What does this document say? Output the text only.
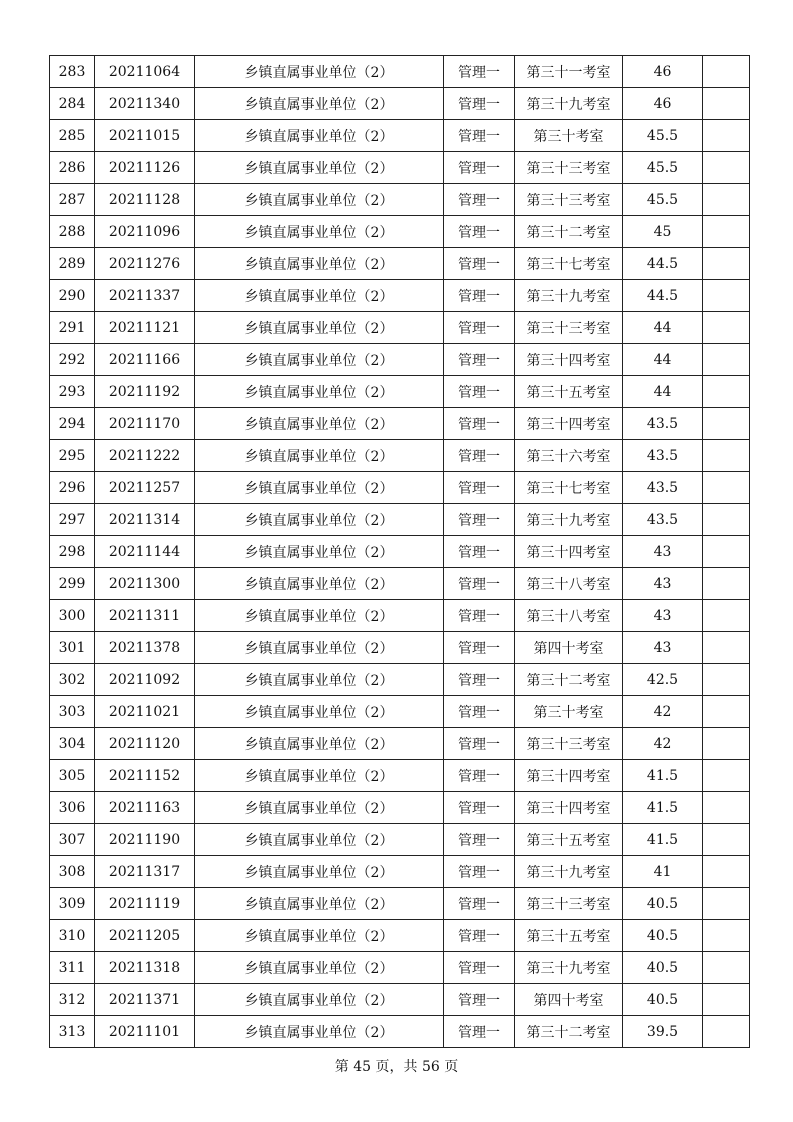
283	20211064	乡镇直属事业单位（2）	管理一	第三十一考室	46	
284	20211340	乡镇直属事业单位（2）	管理一	第三十九考室	46	
285	20211015	乡镇直属事业单位（2）	管理一	第三十考室	45.5	
286	20211126	乡镇直属事业单位（2）	管理一	第三十三考室	45.5	
287	20211128	乡镇直属事业单位（2）	管理一	第三十三考室	45.5	
288	20211096	乡镇直属事业单位（2）	管理一	第三十二考室	45	
289	20211276	乡镇直属事业单位（2）	管理一	第三十七考室	44.5	
290	20211337	乡镇直属事业单位（2）	管理一	第三十九考室	44.5	
291	20211121	乡镇直属事业单位（2）	管理一	第三十三考室	44	
292	20211166	乡镇直属事业单位（2）	管理一	第三十四考室	44	
293	20211192	乡镇直属事业单位（2）	管理一	第三十五考室	44	
294	20211170	乡镇直属事业单位（2）	管理一	第三十四考室	43.5	
295	20211222	乡镇直属事业单位（2）	管理一	第三十六考室	43.5	
296	20211257	乡镇直属事业单位（2）	管理一	第三十七考室	43.5	
297	20211314	乡镇直属事业单位（2）	管理一	第三十九考室	43.5	
298	20211144	乡镇直属事业单位（2）	管理一	第三十四考室	43	
299	20211300	乡镇直属事业单位（2）	管理一	第三十八考室	43	
300	20211311	乡镇直属事业单位（2）	管理一	第三十八考室	43	
301	20211378	乡镇直属事业单位（2）	管理一	第四十考室	43	
302	20211092	乡镇直属事业单位（2）	管理一	第三十二考室	42.5	
303	20211021	乡镇直属事业单位（2）	管理一	第三十考室	42	
304	20211120	乡镇直属事业单位（2）	管理一	第三十三考室	42	
305	20211152	乡镇直属事业单位（2）	管理一	第三十四考室	41.5	
306	20211163	乡镇直属事业单位（2）	管理一	第三十四考室	41.5	
307	20211190	乡镇直属事业单位（2）	管理一	第三十五考室	41.5	
308	20211317	乡镇直属事业单位（2）	管理一	第三十九考室	41	
309	20211119	乡镇直属事业单位（2）	管理一	第三十三考室	40.5	
310	20211205	乡镇直属事业单位（2）	管理一	第三十五考室	40.5	
311	20211318	乡镇直属事业单位（2）	管理一	第三十九考室	40.5	
312	20211371	乡镇直属事业单位（2）	管理一	第四十考室	40.5	
313	20211101	乡镇直属事业单位（2）	管理一	第三十二考室	39.5	
第 45 页，共 56 页
